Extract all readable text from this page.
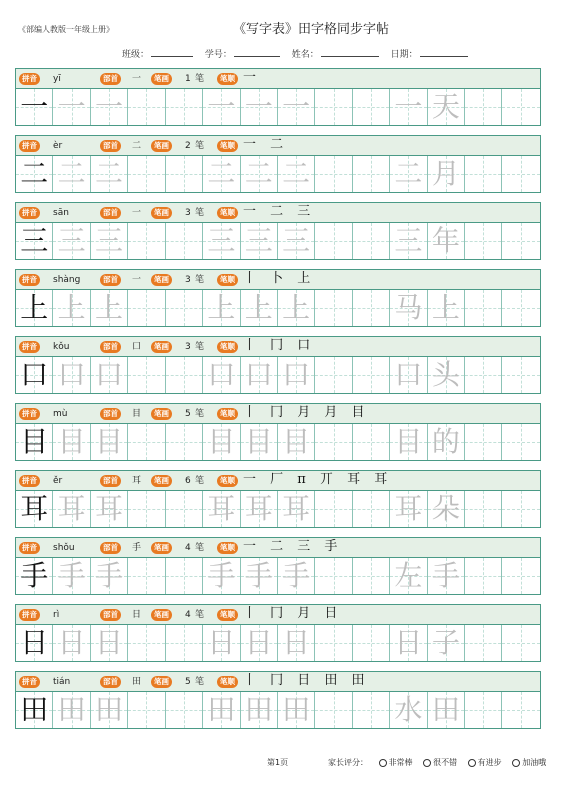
《部编人教版一年级上册》	《写字表》田字格同步字帖
班级：	学号：	姓名：	日期：
拼音	yī	部首	一	笔画	1 笔	笔顺 一
一 一 一	一 一 一	一 天
拼音	èr	部首	二	笔画	2 笔	笔顺 一 二
二 二 二	二 二 二	二 月
拼音	sān	部首	一	笔画	3 笔	笔顺 一 二 三
三 三 三	三 三 三	三 年
拼音	shàng	部首	一	笔画	3 笔	笔顺 丨 卜 上
上 上 上	上 上 上	马 上
拼音	kǒu	部首	口	笔画	3 笔	笔顺 丨 冂 口
口 口 口	口 口 口	口 头
拼音	mù	部首	目	笔画	5 笔	笔顺 丨 冂 月 月 目
目 目 目	目 目 目	目 的
拼音	ěr	部首	耳	笔画	6 笔	笔顺 一 厂 π 丌 耳 耳
耳 耳 耳	耳 耳 耳	耳 朵
拼音	shǒu	部首	手	笔画	4 笔	笔顺 一 二 三 手
手 手 手	手 手 手	左 手
拼音	rì	部首	日	笔画	4 笔	笔顺 丨 冂 月 日
日 日 日	日 日 日	日 子
拼音	tián	部首	田	笔画	5 笔	笔顺 丨 冂 日 田 田
田 田 田	田 田 田	水 田
第1页	家长评分：	非常棒	很不错	有进步	加油哦
